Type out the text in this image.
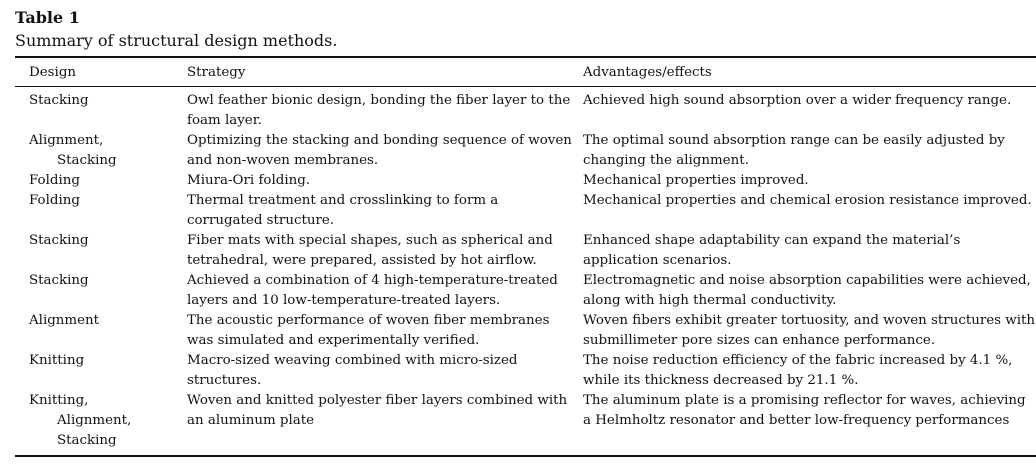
Table 1
Summary of structural design methods.
Design	Strategy	Advantages/effects

Stacking	Owl feather bionic design, bonding the fiber layer to the foam layer.	Achieved high sound absorption over a wider frequency range.

Alignment,
Stacking	Optimizing the stacking and bonding sequence of woven and non-woven membranes.	The optimal sound absorption range can be easily adjusted by changing the alignment.

Folding	Miura-Ori folding.	Mechanical properties improved.

Folding	Thermal treatment and crosslinking to form a corrugated structure.	Mechanical properties and chemical erosion resistance improved.

Stacking	Fiber mats with special shapes, such as spherical and tetrahedral, were prepared, assisted by hot airflow.	Enhanced shape adaptability can expand the material’s application scenarios.

Stacking	Achieved a combination of 4 high-temperature-treated layers and 10 low-temperature-treated layers.	Electromagnetic and noise absorption capabilities were achieved, along with high thermal conductivity.

Alignment	The acoustic performance of woven fiber membranes was simulated and experimentally verified.	Woven fibers exhibit greater tortuosity, and woven structures with submillimeter pore sizes can enhance performance.

Knitting	Macro-sized weaving combined with micro-sized structures.	The noise reduction efficiency of the fabric increased by 4.1 %, while its thickness decreased by 21.1 %.

Knitting,
Alignment,
Stacking	Woven and knitted polyester fiber layers combined with an aluminum plate	The aluminum plate is a promising reflector for waves, achieving a Helmholtz resonator and better low-frequency performances
